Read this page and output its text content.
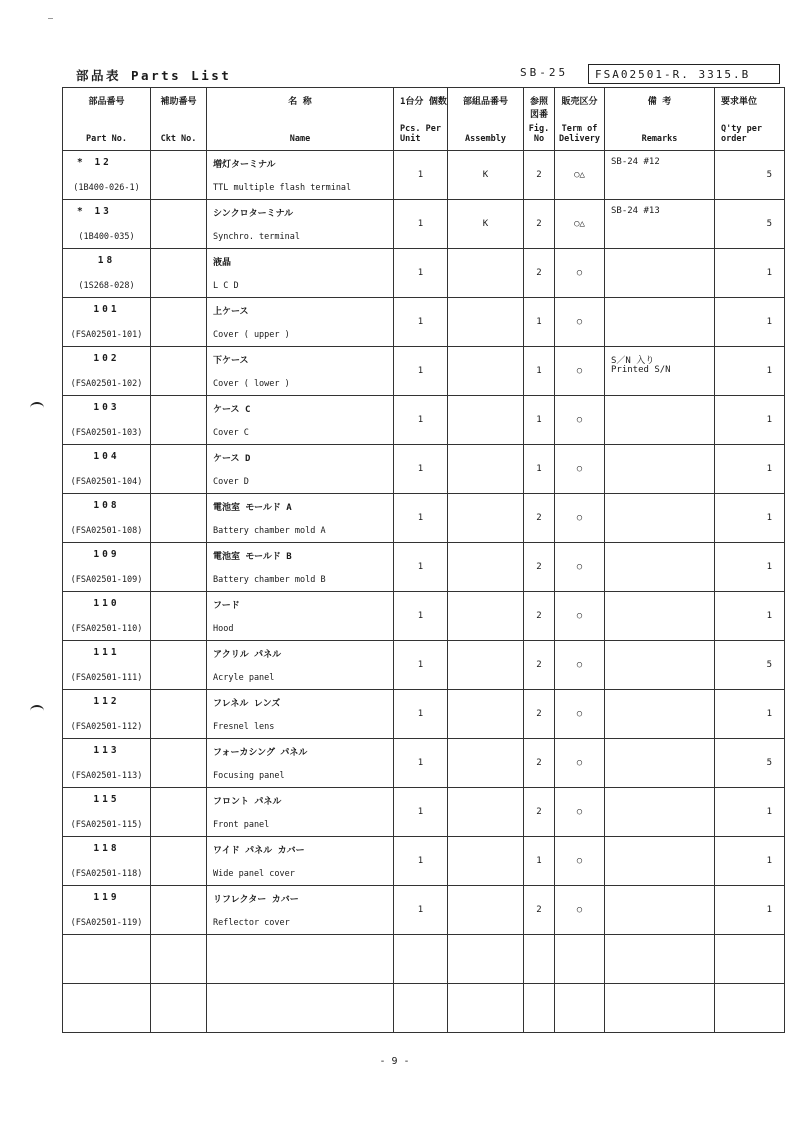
部品表 Parts List	SB-25	FSA02501-R. 3315.B
部品番号
Part No.	補助番号
Ckt No.	名 称
Name	1台分 個数
Pcs. Per Unit	部組品番号
Assembly	参照 図番
Fig. No	販売区分
Term of Delivery	備 考
Remarks	要求単位
Q'ty per order

* 12
(1B400-026-1)		増灯ターミナル
TTL multiple flash terminal	1	K	2	○△	SB-24 #12	5

* 13
(1B400-035)		シンクロターミナル
Synchro. terminal	1	K	2	○△	SB-24 #13	5

18
(1S268-028)		液晶
L C D	1		2	○		1

101
(FSA02501-101)		上ケース
Cover ( upper )	1		1	○		1

102
(FSA02501-102)		下ケース
Cover ( lower )	1		1	○	S／N 入り
Printed S/N	1

103
(FSA02501-103)		ケース C
Cover C	1		1	○		1

104
(FSA02501-104)		ケース D
Cover D	1		1	○		1

108
(FSA02501-108)		電池室 モールド A
Battery chamber mold A	1		2	○		1

109
(FSA02501-109)		電池室 モールド B
Battery chamber mold B	1		2	○		1

110
(FSA02501-110)		フード
Hood	1		2	○		1

111
(FSA02501-111)		アクリル パネル
Acryle panel	1		2	○		5

112
(FSA02501-112)		フレネル レンズ
Fresnel lens	1		2	○		1

113
(FSA02501-113)		フォーカシング パネル
Focusing panel	1		2	○		5

115
(FSA02501-115)		フロント パネル
Front panel	1		2	○		1

118
(FSA02501-118)		ワイド パネル カバー
Wide panel cover	1		1	○		1

119
(FSA02501-119)		リフレクター カバー
Reflector cover	1		2	○		1

- 9 -
